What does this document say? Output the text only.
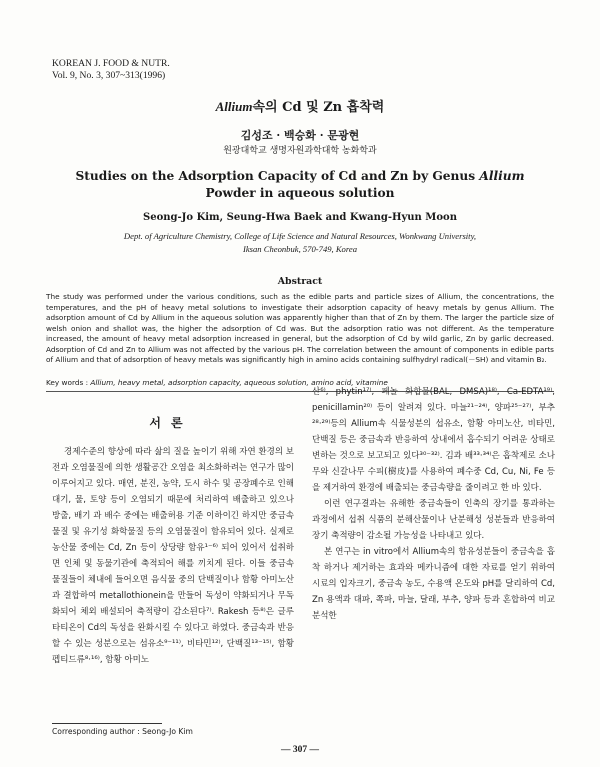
KOREAN J. FOOD & NUTR.
Vol. 9, No. 3, 307~313(1996)
Allium속의 Cd 및 Zn 흡착력
김성조 · 백승화 · 문광현
원광대학교 생명자원과학대학 농화학과
Studies on the Adsorption Capacity of Cd and Zn by Genus Allium
Powder in aqueous solution
Seong-Jo Kim, Seung-Hwa Baek and Kwang-Hyun Moon
Dept. of Agriculture Chemistry, College of Life Science and Natural Resources, Wonkwang University,
Iksan Cheonbuk, 570-749, Korea
Abstract
The study was performed under the various conditions, such as the edible parts and particle sizes of Allium, the concentrations, the temperatures, and the pH of heavy metal solutions to investigate their adsorption capacity of heavy metals by genus Allium. The adsorption amount of Cd by Allium in the aqueous solution was apparently higher than that of Zn by them. The larger the particle size of welsh onion and shallot was, the higher the adsorption of Cd was. But the adsorption ratio was not different. As the temperature increased, the amount of heavy metal adsorption increased in general, but the adsorption of Cd by wild garlic, Zn by garlic decreased. Adsorption of Cd and Zn to Allium was not affected by the various pH. The correlation between the amount of components in edible parts of Allium and that of adsorption of heavy metals was significantly high in amino acids containing sulfhydryl radical(－SH) and vitamin B₂.
Key words : Allium, heavy metal, adsorption capacity, aqueous solution, amino acid, vitamine
서론

경제수준의 향상에 따라 삶의 질을 높이기 위해 자연 환경의 보전과 오염물질에 의한 생활공간 오염을 최소화하려는 연구가 많이 이루어지고 있다. 매연, 분진, 농약, 도시 하수 및 공장폐수로 인해 대기, 물, 토양 등이 오염되기 때문에 처리하여 배출하고 있으나 방출, 배기 과 배수 중에는 배출허용 기준 이하이긴 하지만 중금속 물질 및 유기성 화학물질 등의 오염물질이 함유되어 있다. 실제로 농산물 중에는 Cd, Zn 등이 상당량 함유¹⁻⁶⁾ 되어 있어서 섭취하면 인체 및 동물기관에 축적되어 해를 끼치게 된다. 이들 중금속 물질들이 체내에 들어오면 음식물 중의 단백질이나 함황 아미노산과 결합하여 metallothionein을 만들어 독성이 약화되거나 무독화되어 체외 배설되어 축적량이 감소된다⁷⁾. Rakesh 등⁸⁾은 글루타티온이 Cd의 독성을 완화시킬 수 있다고 하였다. 중금속과 반응할 수 있는 성분으로는 섬유소⁹⁻¹¹⁾, 비타민¹²⁾, 단백질¹³⁻¹⁵⁾, 함황 펩티드류⁸·¹⁶⁾, 함황 아미노

산⁶⁾, phytin¹⁷⁾, 페놀 화합물(BAL, DMSA)¹⁸⁾, Ca-EDTA¹⁹⁾, penicillamin²⁰⁾ 등이 알려져 있다. 마늘²¹⁻²⁴⁾, 양파²⁵⁻²⁷⁾, 부추²⁸·²⁹⁾등의 Allium속 식물성분의 섭유소, 함황 아미노산, 비타민, 단백질 등은 중금속과 반응하여 상내에서 흡수되기 어려운 상태로 변하는 것으로 보고되고 있다³⁰⁻³²⁾. 김과 배³³·³⁴⁾은 흡착제로 소나무와 신갈나무 수피(樹皮)를 사용하여 폐수중 Cd, Cu, Ni, Fe 등을 제거하여 환경에 배출되는 중금속량을 줄이려고 한 바 있다.

이런 연구결과는 유해한 중금속들이 인축의 장기를 통과하는 과정에서 섭취 식품의 분해산물이나 난분해성 성분들과 반응하여 장기 축적량이 감소될 가능성을 나타내고 있다.

본 연구는 in vitro에서 Allium속의 함유성분들이 중금속을 흡착 하거나 제거하는 효과와 메카니즘에 대한 자료를 얻기 위하여 시료의 입자크기, 중금속 농도, 수용액 온도와 pH를 달리하여 Cd, Zn 용액과 대파, 쪽파, 마늘, 달래, 부추, 양파 등과 혼합하여 비교 분석한

Corresponding author : Seong-Jo Kim
— 307 —
